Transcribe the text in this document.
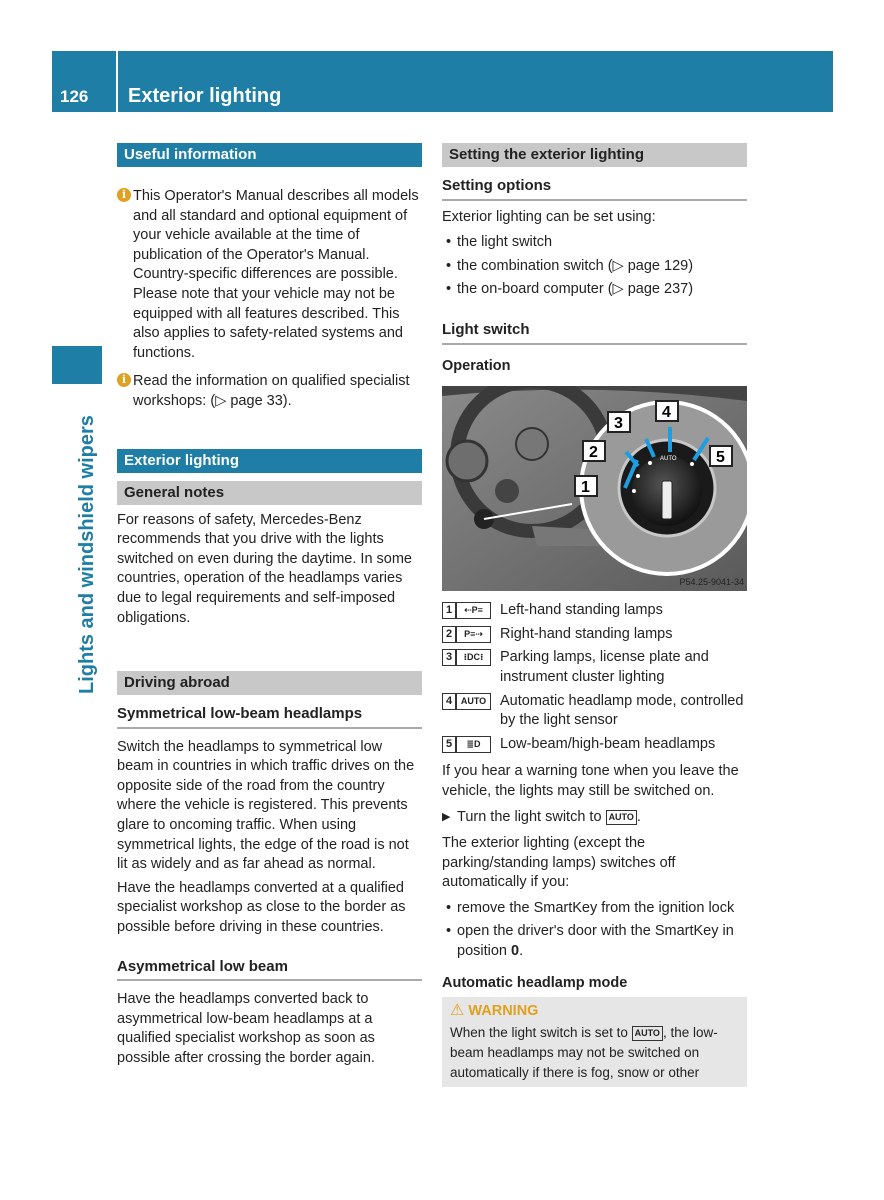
126 Exterior lighting
Lights and windshield wipers
Useful information
i This Operator's Manual describes all models and all standard and optional equipment of your vehicle available at the time of publication of the Operator's Manual. Country-specific differences are possible. Please note that your vehicle may not be equipped with all features described. This also applies to safety-related systems and functions.

i Read the information on qualified specialist workshops: (▷ page 33).

Exterior lighting
General notes

For reasons of safety, Mercedes-Benz recommends that you drive with the lights switched on even during the daytime. In some countries, operation of the headlamps varies due to legal requirements and self-imposed obligations.

Driving abroad
Symmetrical low-beam headlamps

Switch the headlamps to symmetrical low beam in countries in which traffic drives on the opposite side of the road from the country where the vehicle is registered. This prevents glare to oncoming traffic. When using symmetrical lights, the edge of the road is not lit as widely and as far ahead as normal.

Have the headlamps converted at a qualified specialist workshop as close to the border as possible before driving in these countries.

Asymmetrical low beam

Have the headlamps converted back to asymmetrical low-beam headlamps at a qualified specialist workshop as soon as possible after crossing the border again.

Setting the exterior lighting
Setting options

Exterior lighting can be set using:

• the light switch
• the combination switch (▷ page 129)
• the on-board computer (▷ page 237)
Light switch
Operation
AUTO
1
2
3
4
5
P54.25-9041-34
1	⇠P≡	Left-hand standing lamps
2	P≡⇢	Right-hand standing lamps
3	⁝DC⁝	Parking lamps, license plate and instrument cluster lighting
4 AUTO Automatic headlamp mode, controlled by the light sensor
5	≣D	Low-beam/high-beam headlamps

If you hear a warning tone when you leave the vehicle, the lights may still be switched on.

▶ Turn the light switch to AUTO .

The exterior lighting (except the parking/standing lamps) switches off automatically if you:

• remove the SmartKey from the ignition lock
• open the driver's door with the SmartKey in position 0.
Automatic headlamp mode
⚠ WARNING
When the light switch is set to AUTO , the low-beam headlamps may not be switched on automatically if there is fog, snow or other
